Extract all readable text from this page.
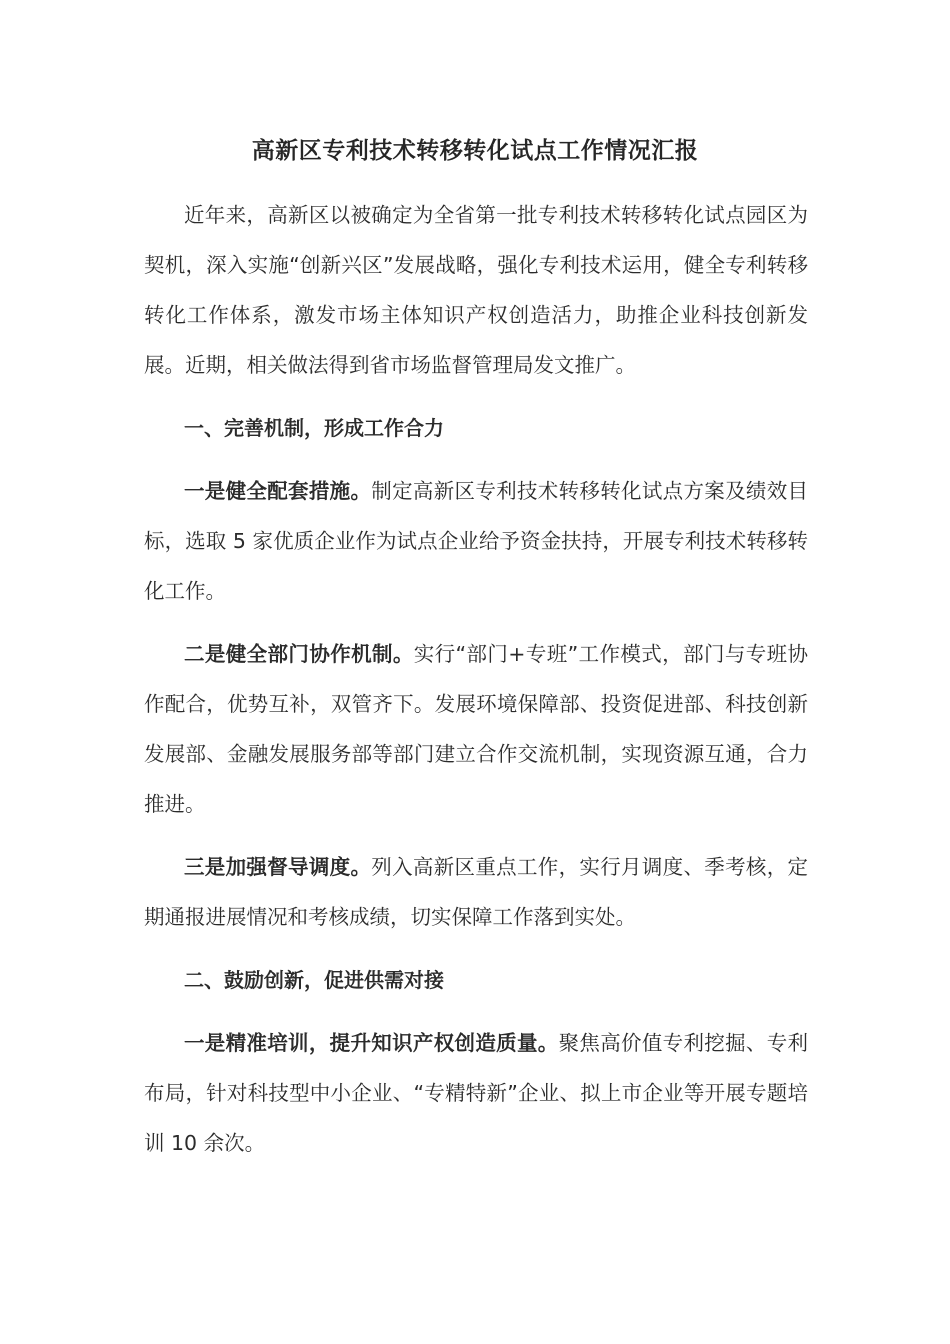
高新区专利技术转移转化试点工作情况汇报

近年来，高新区以被确定为全省第一批专利技术转移转化试点园区为契机，深入实施“创新兴区”发展战略，强化专利技术运用，健全专利转移转化工作体系，激发市场主体知识产权创造活力，助推企业科技创新发展。近期，相关做法得到省市场监督管理局发文推广。

一、完善机制，形成工作合力

一是健全配套措施。制定高新区专利技术转移转化试点方案及绩效目标，选取 5 家优质企业作为试点企业给予资金扶持，开展专利技术转移转化工作。

二是健全部门协作机制。实行“部门+专班”工作模式，部门与专班协作配合，优势互补，双管齐下。发展环境保障部、投资促进部、科技创新发展部、金融发展服务部等部门建立合作交流机制，实现资源互通，合力推进。

三是加强督导调度。列入高新区重点工作，实行月调度、季考核，定期通报进展情况和考核成绩，切实保障工作落到实处。

二、鼓励创新，促进供需对接

一是精准培训，提升知识产权创造质量。聚焦高价值专利挖掘、专利布局，针对科技型中小企业、“专精特新”企业、拟上市企业等开展专题培训 10 余次。
